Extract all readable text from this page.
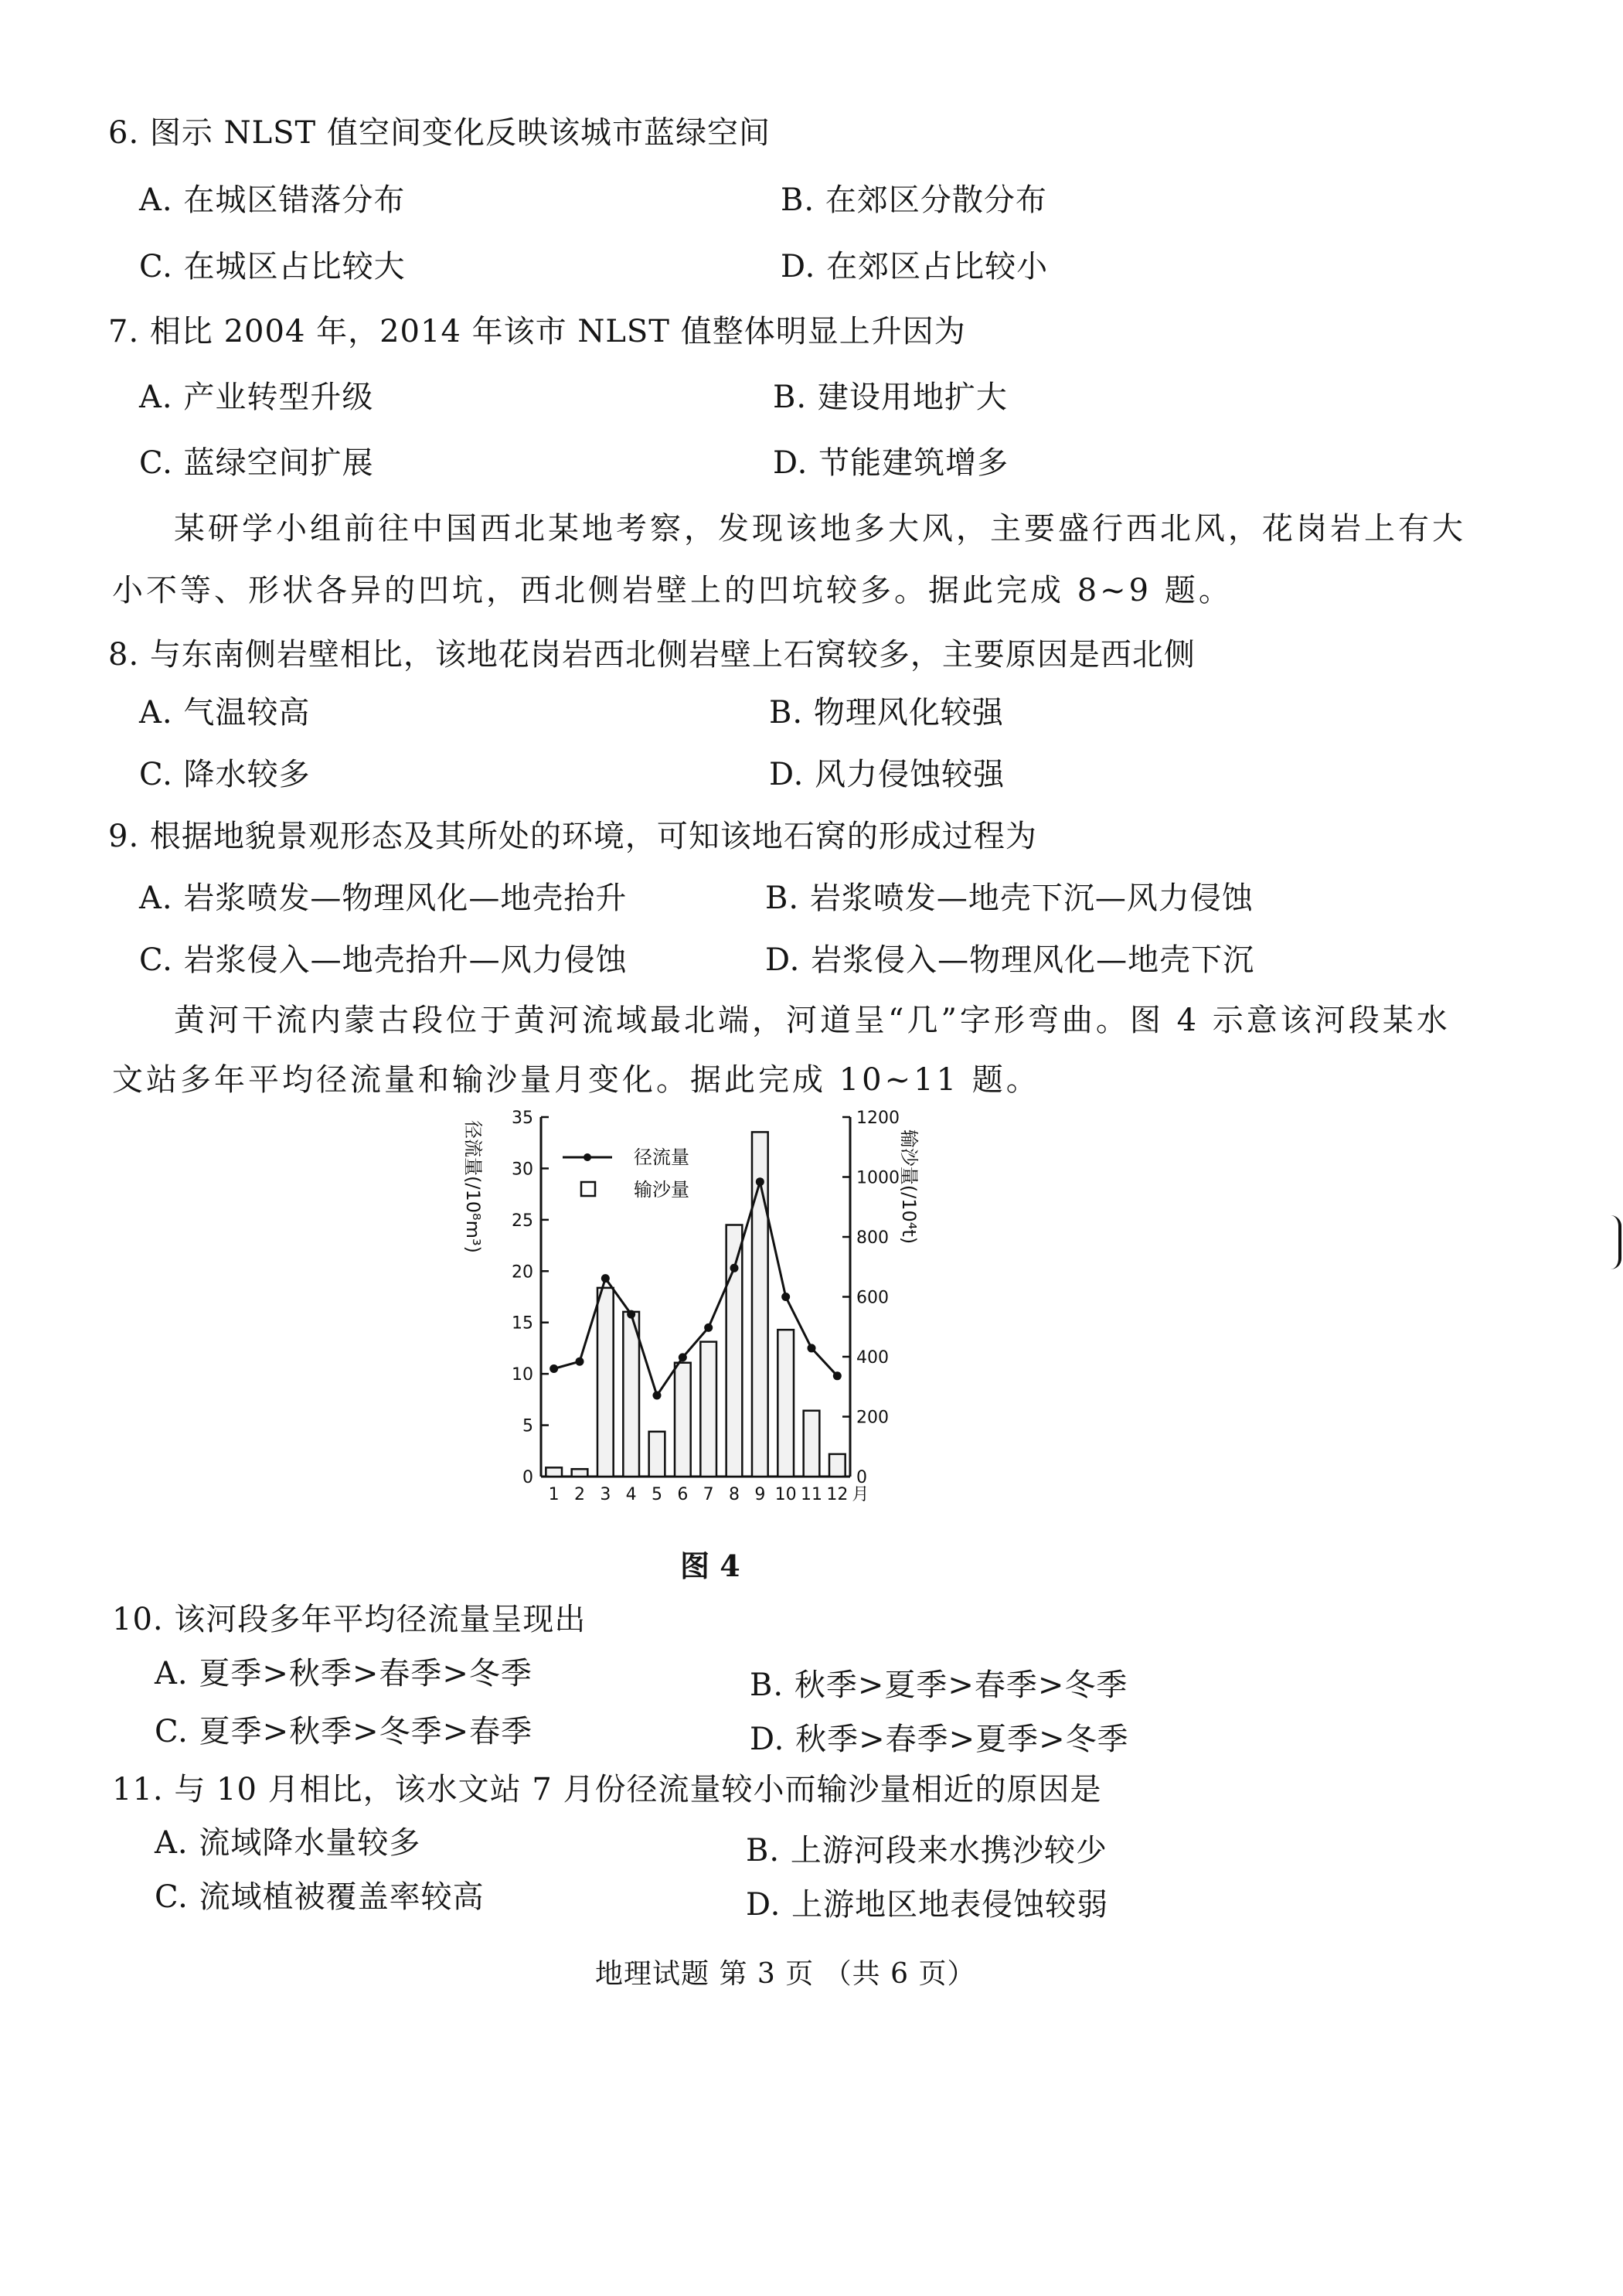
6. 图示 NLST 值空间变化反映该城市蓝绿空间
A. 在城区错落分布	B. 在郊区分散分布
C. 在城区占比较大	D. 在郊区占比较小
7. 相比 2004 年，2014 年该市 NLST 值整体明显上升因为
A. 产业转型升级	B. 建设用地扩大
C. 蓝绿空间扩展	D. 节能建筑增多
某研学小组前往中国西北某地考察，发现该地多大风，主要盛行西北风，花岗岩上有大
小不等、形状各异的凹坑，西北侧岩壁上的凹坑较多。据此完成 8~9 题。
8. 与东南侧岩壁相比，该地花岗岩西北侧岩壁上石窝较多，主要原因是西北侧
A. 气温较高	B. 物理风化较强
C. 降水较多	D. 风力侵蚀较强
9. 根据地貌景观形态及其所处的环境，可知该地石窝的形成过程为
A. 岩浆喷发—物理风化—地壳抬升	B. 岩浆喷发—地壳下沉—风力侵蚀
C. 岩浆侵入—地壳抬升—风力侵蚀	D. 岩浆侵入—物理风化—地壳下沉
黄河干流内蒙古段位于黄河流域最北端，河道呈“几”字形弯曲。图 4 示意该河段某水
文站多年平均径流量和输沙量月变化。据此完成 10~11 题。
0
5
10
15
20
25
30
35
0
200
400
600
800
1000
1200
1 2 3 4 5 6 7 8 9 10 11 12 月
径流量(/10⁸m³)	输沙量(/10⁴t)
径流量
输沙量
图 4
10. 该河段多年平均径流量呈现出
A. 夏季>秋季>春季>冬季	B. 秋季>夏季>春季>冬季
C. 夏季>秋季>冬季>春季	D. 秋季>春季>夏季>冬季
11. 与 10 月相比，该水文站 7 月份径流量较小而输沙量相近的原因是
A. 流域降水量较多	B. 上游河段来水携沙较少
C. 流域植被覆盖率较高	D. 上游地区地表侵蚀较弱
地理试题 第 3 页 （共 6 页）
